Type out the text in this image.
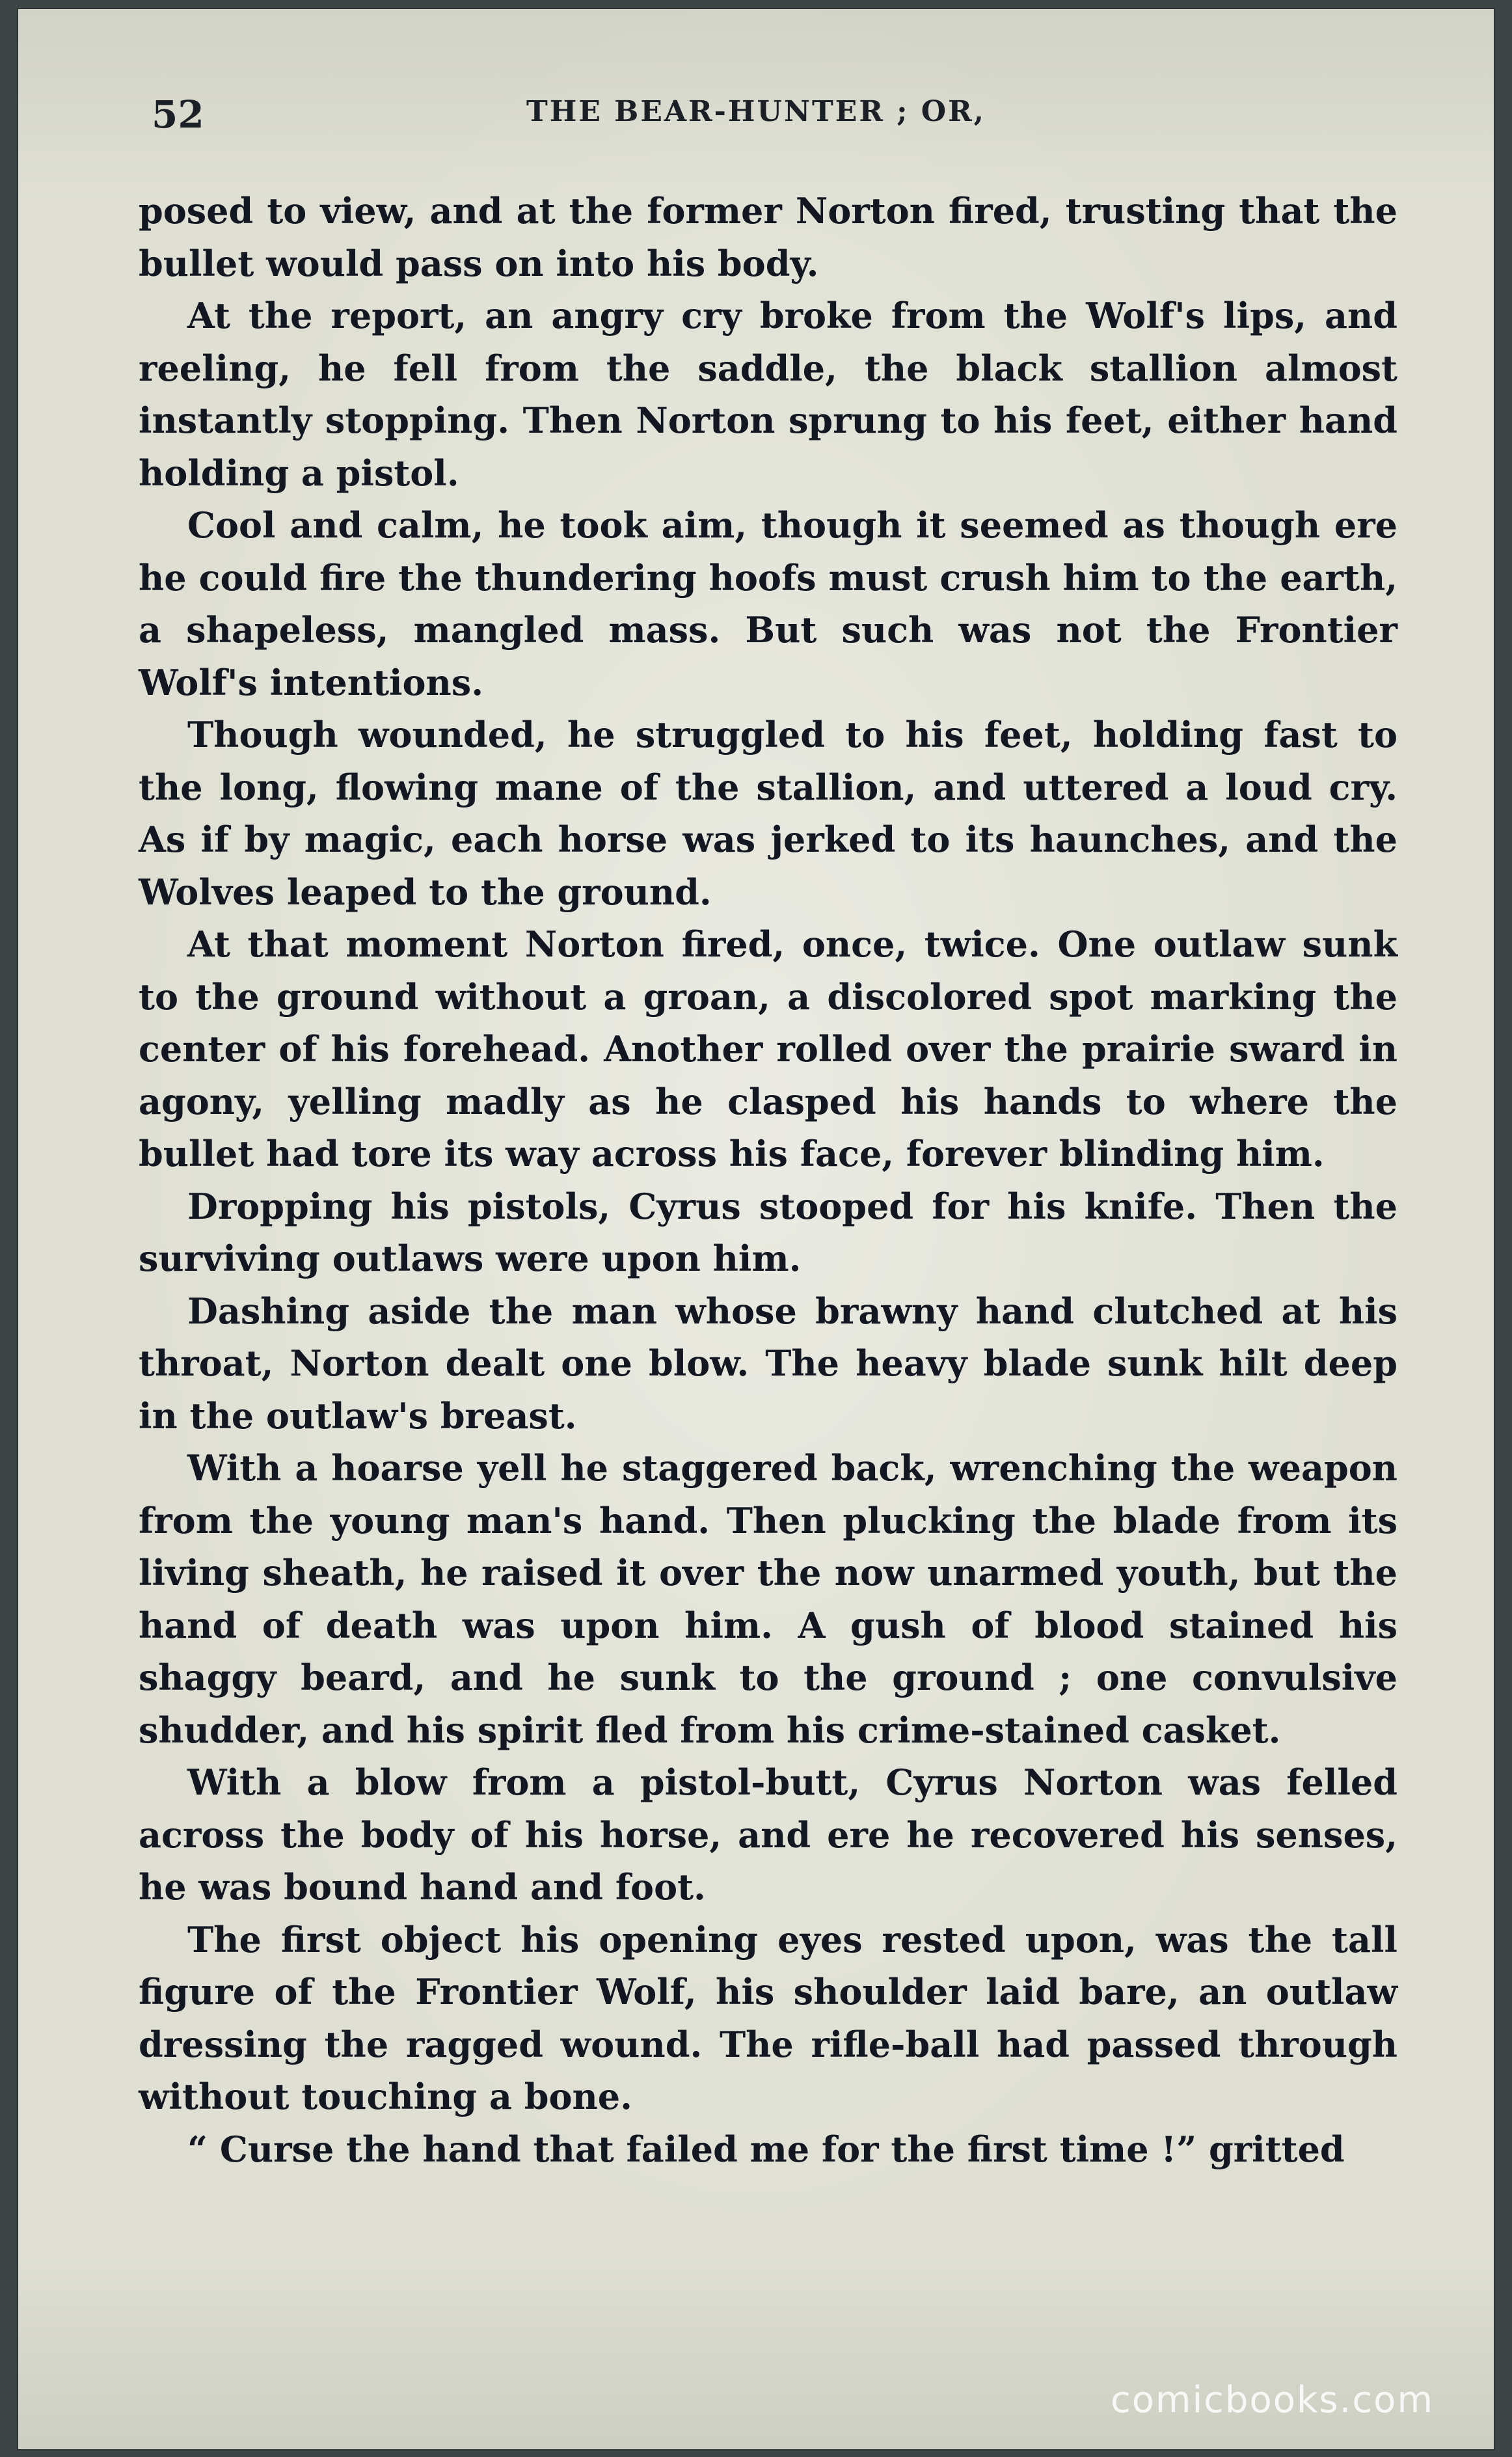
52	THE BEAR-HUNTER ; OR,

posed to view, and at the former Norton fired, trusting that the bullet would pass on into his body.

At the report, an angry cry broke from the Wolf's lips, and reeling, he fell from the saddle, the black stallion almost instantly stopping. Then Norton sprung to his feet, either hand holding a pistol.

Cool and calm, he took aim, though it seemed as though ere he could fire the thundering hoofs must crush him to the earth, a shapeless, mangled mass. But such was not the Frontier Wolf's intentions.

Though wounded, he struggled to his feet, holding fast to the long, flowing mane of the stallion, and uttered a loud cry. As if by magic, each horse was jerked to its haunches, and the Wolves leaped to the ground.

At that moment Norton fired, once, twice. One outlaw sunk to the ground without a groan, a discolored spot marking the center of his forehead. Another rolled over the prairie sward in agony, yelling madly as he clasped his hands to where the bullet had tore its way across his face, forever blinding him.

Dropping his pistols, Cyrus stooped for his knife. Then the surviving outlaws were upon him.

Dashing aside the man whose brawny hand clutched at his throat, Norton dealt one blow. The heavy blade sunk hilt deep in the outlaw's breast.

With a hoarse yell he staggered back, wrenching the weapon from the young man's hand. Then plucking the blade from its living sheath, he raised it over the now unarmed youth, but the hand of death was upon him. A gush of blood stained his shaggy beard, and he sunk to the ground ; one convulsive shudder, and his spirit fled from his crime-stained casket.

With a blow from a pistol-butt, Cyrus Norton was felled across the body of his horse, and ere he recovered his senses, he was bound hand and foot.

The first object his opening eyes rested upon, was the tall figure of the Frontier Wolf, his shoulder laid bare, an outlaw dressing the ragged wound. The rifle-ball had passed through without touching a bone.

“ Curse the hand that failed me for the first time !” gritted

comicbooks.com
